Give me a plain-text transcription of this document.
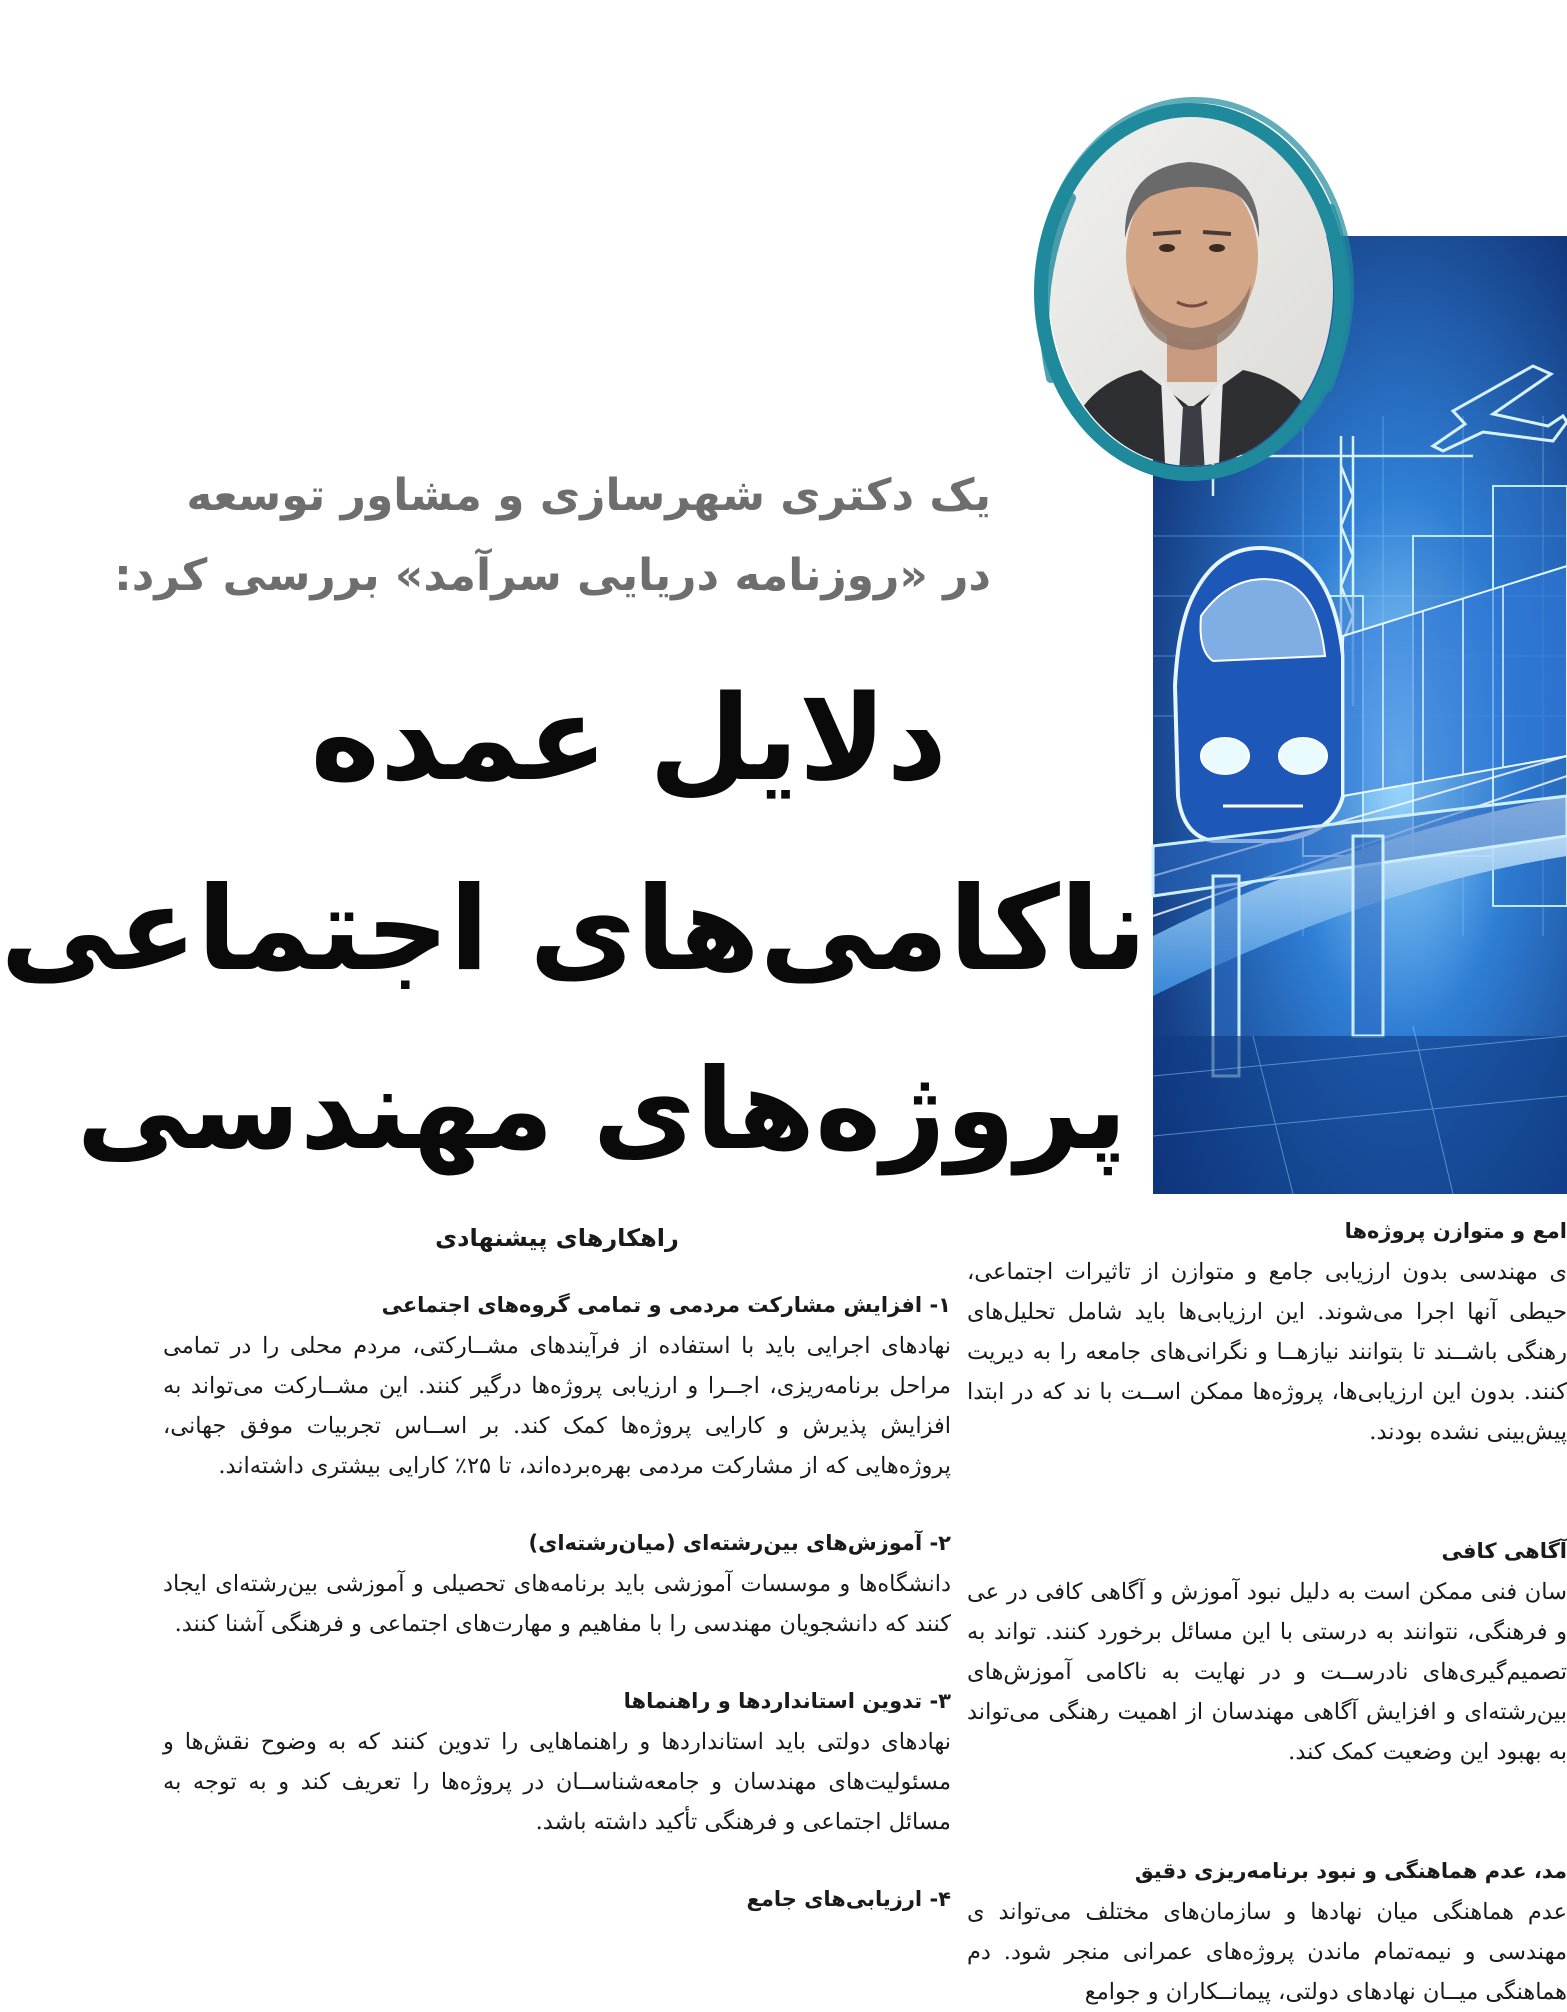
یک دکتری شهرسازی و مشاور توسعه
در «روزنامه دریایی سرآمد» بررسی کرد:
دلایل عمده
ناکامی‌های اجتماعی
پروژه‌های مهندسی
راهکارهای پیشنهادی
۱- افزایش مشارکت مردمی و تمامی گروه‌های اجتماعی

نهادهای اجرایی باید با استفاده از فرآیندهای مشــارکتی، مردم محلی را در تمامی مراحل برنامه‌ریزی، اجــرا و ارزیابی پروژه‌ها درگیر کنند. این مشــارکت می‌تواند به افزایش پذیرش و کارایی پروژه‌ها کمک کند. بر اســاس تجربیات موفق جهانی، پروژه‌هایی که از مشارکت مردمی بهره‌برده‌اند، تا ۲۵٪ کارایی بیشتری داشته‌اند.

۲- آموزش‌های بین‌رشته‌ای (میان‌رشته‌ای)

دانشگاه‌ها و موسسات آموزشی باید برنامه‌های تحصیلی و آموزشی بین‌رشته‌ای ایجاد کنند که دانشجویان مهندسی را با مفاهیم و مهارت‌های اجتماعی و فرهنگی آشنا کنند.

۳- تدوین استانداردها و راهنماها

نهادهای دولتی باید استانداردها و راهنماهایی را تدوین کنند که به وضوح نقش‌ها و مسئولیت‌های مهندسان و جامعه‌شناســان در پروژه‌ها را تعریف کند و به توجه به مسائل اجتماعی و فرهنگی تأکید داشته باشد.

۴- ارزیابی‌های جامع

امع و متوازن پروژه‌ها

ی مهندسی بدون ارزیابی جامع و متوازن از تاثیرات اجتماعی، حیطی آنها اجرا می‌شوند. این ارزیابی‌ها باید شامل تحلیل‌های رهنگی باشــند تا بتوانند نیازهــا و نگرانی‌های جامعه را به دیریت کنند. بدون این ارزیابی‌ها، پروژه‌ها ممکن اســت با ند که در ابتدا پیش‌بینی نشده بودند.

آگاهی کافی

سان فنی ممکن است به دلیل نبود آموزش و آگاهی کافی در عی و فرهنگی، نتوانند به درستی با این مسائل برخورد کنند. تواند به تصمیم‌گیری‌های نادرســت و در نهایت به ناکامی آموزش‌های بین‌رشته‌ای و افزایش آگاهی مهندسان از اهمیت رهنگی می‌تواند به بهبود این وضعیت کمک کند.

مد، عدم هماهنگی و نبود برنامه‌ریزی دقیق

عدم هماهنگی میان نهادها و سازمان‌های مختلف می‌تواند ی مهندسی و نیمه‌تمام ماندن پروژه‌های عمرانی منجر شود. دم هماهنگی میــان نهادهای دولتی، پیمانــکاران و جوامع
